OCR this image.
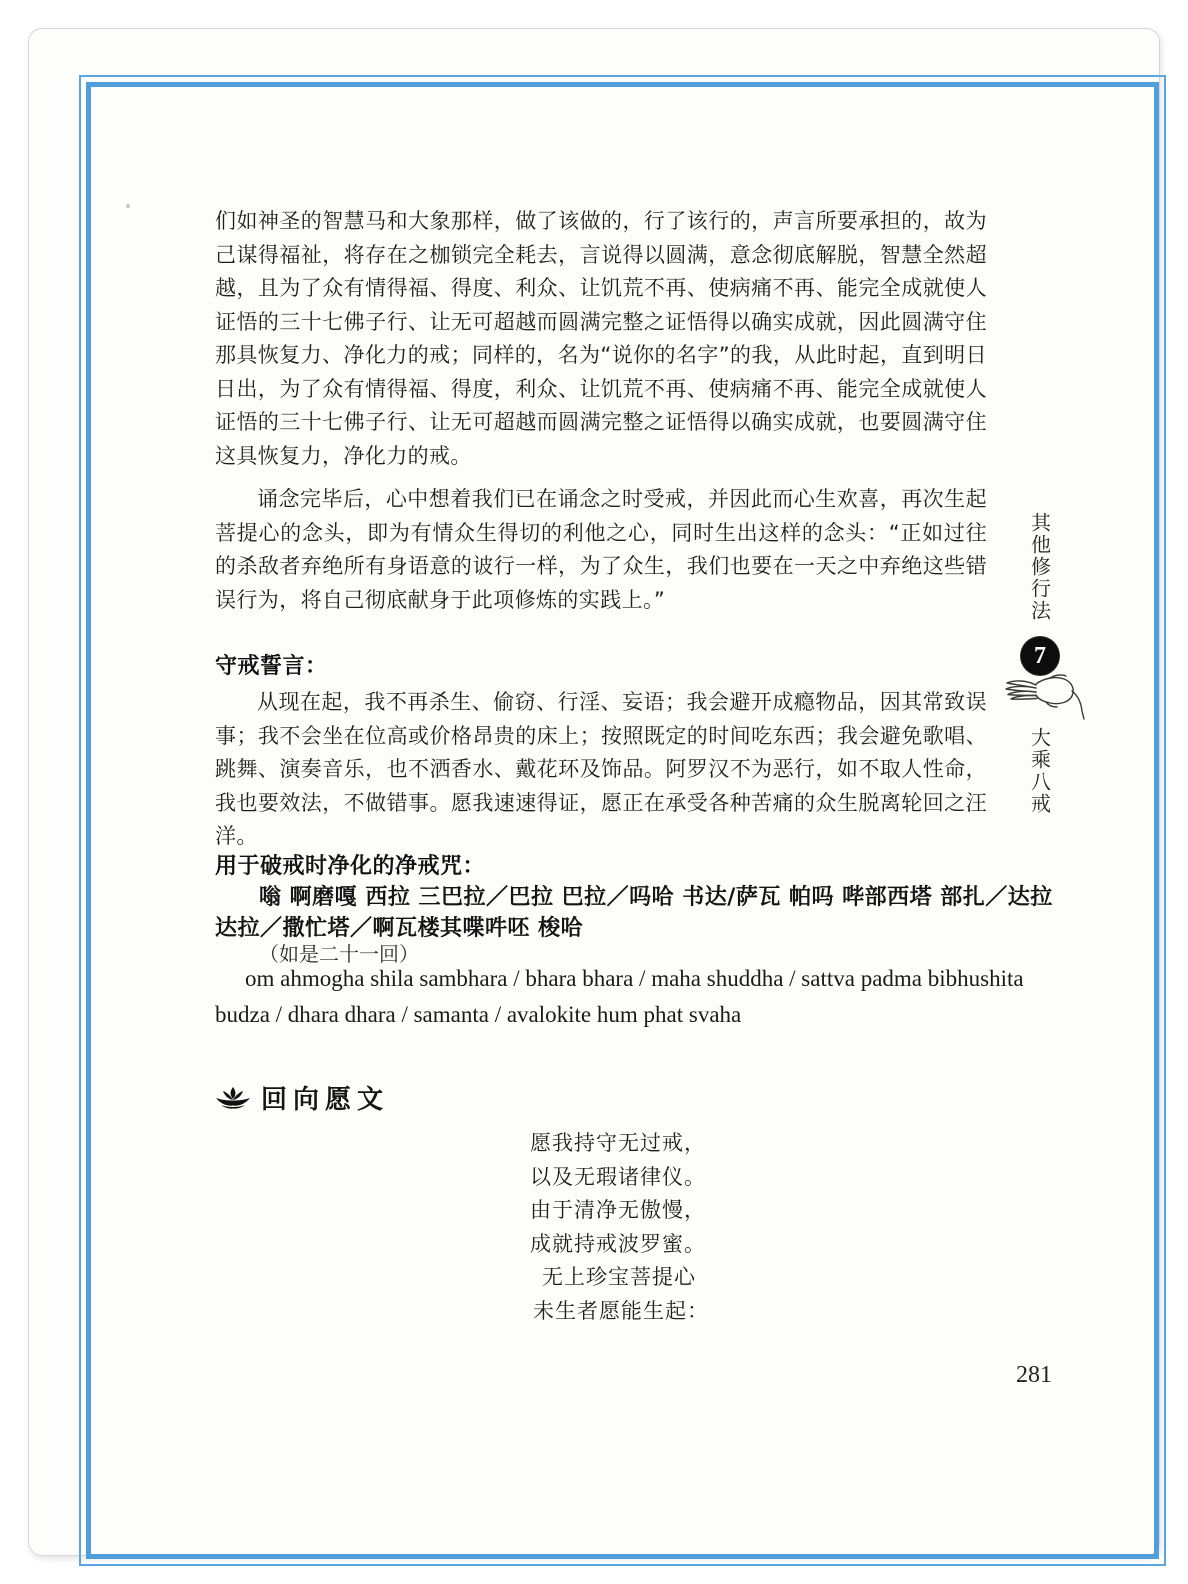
们如神圣的智慧马和大象那样，做了该做的，行了该行的，声言所要承担的，故为己谋得福祉，将存在之枷锁完全耗去，言说得以圆满，意念彻底解脱，智慧全然超越，且为了众有情得福、得度、利众、让饥荒不再、使病痛不再、能完全成就使人证悟的三十七佛子行、让无可超越而圆满完整之证悟得以确实成就，因此圆满守住那具恢复力、净化力的戒；同样的，名为“说你的名字”的我，从此时起，直到明日日出，为了众有情得福、得度，利众、让饥荒不再、使病痛不再、能完全成就使人证悟的三十七佛子行、让无可超越而圆满完整之证悟得以确实成就，也要圆满守住这具恢复力，净化力的戒。

诵念完毕后，心中想着我们已在诵念之时受戒，并因此而心生欢喜，再次生起菩提心的念头，即为有情众生得切的利他之心，同时生出这样的念头：“正如过往的杀敌者弃绝所有身语意的诐行一样，为了众生，我们也要在一天之中弃绝这些错误行为，将自己彻底献身于此项修炼的实践上。”

守戒誓言：

从现在起，我不再杀生、偷窃、行淫、妄语；我会避开成瘾物品，因其常致误事；我不会坐在位高或价格昂贵的床上；按照既定的时间吃东西；我会避免歌唱、跳舞、演奏音乐，也不洒香水、戴花环及饰品。阿罗汉不为恶行，如不取人性命，我也要效法，不做错事。愿我速速得证，愿正在承受各种苦痛的众生脱离轮回之汪洋。

用于破戒时净化的净戒咒：
嗡 啊磨嘎 西拉 三巴拉／巴拉 巴拉／吗哈 书达/萨瓦 帕吗 哔部西塔 部扎／达拉
达拉／撒忙塔／啊瓦楼其喋吽呸 梭哈
（如是二十一回）
om ahmogha shila sambhara / bhara bhara / maha shuddha / sattva padma bibhushita
budza / dhara dhara / samanta / avalokite hum phat svaha
回向愿文
愿我持守无过戒，
以及无瑕诸律仪。
由于清净无傲慢，
成就持戒波罗蜜。
无上珍宝菩提心
未生者愿能生起：
其他修行法
7
大乘八戒
281
